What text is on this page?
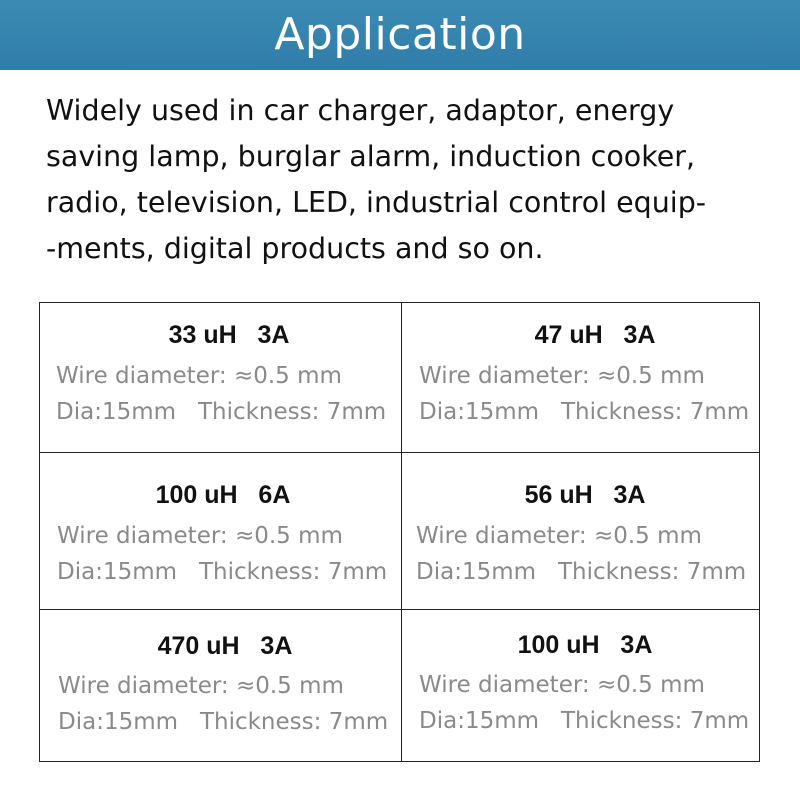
Application
Widely used in car charger, adaptor, energy
saving lamp, burglar alarm, induction cooker,
radio, television, LED, industrial control equip-
-ments, digital products and so on.
33 uH   3A
Wire diameter: ≈0.5 mm
Dia:15mm   Thickness: 7mm
47 uH   3A
Wire diameter: ≈0.5 mm
Dia:15mm   Thickness: 7mm
100 uH   6A
Wire diameter: ≈0.5 mm
Dia:15mm   Thickness: 7mm
56 uH   3A
Wire diameter: ≈0.5 mm
Dia:15mm   Thickness: 7mm
470 uH   3A
Wire diameter: ≈0.5 mm
Dia:15mm   Thickness: 7mm
100 uH   3A
Wire diameter: ≈0.5 mm
Dia:15mm   Thickness: 7mm
